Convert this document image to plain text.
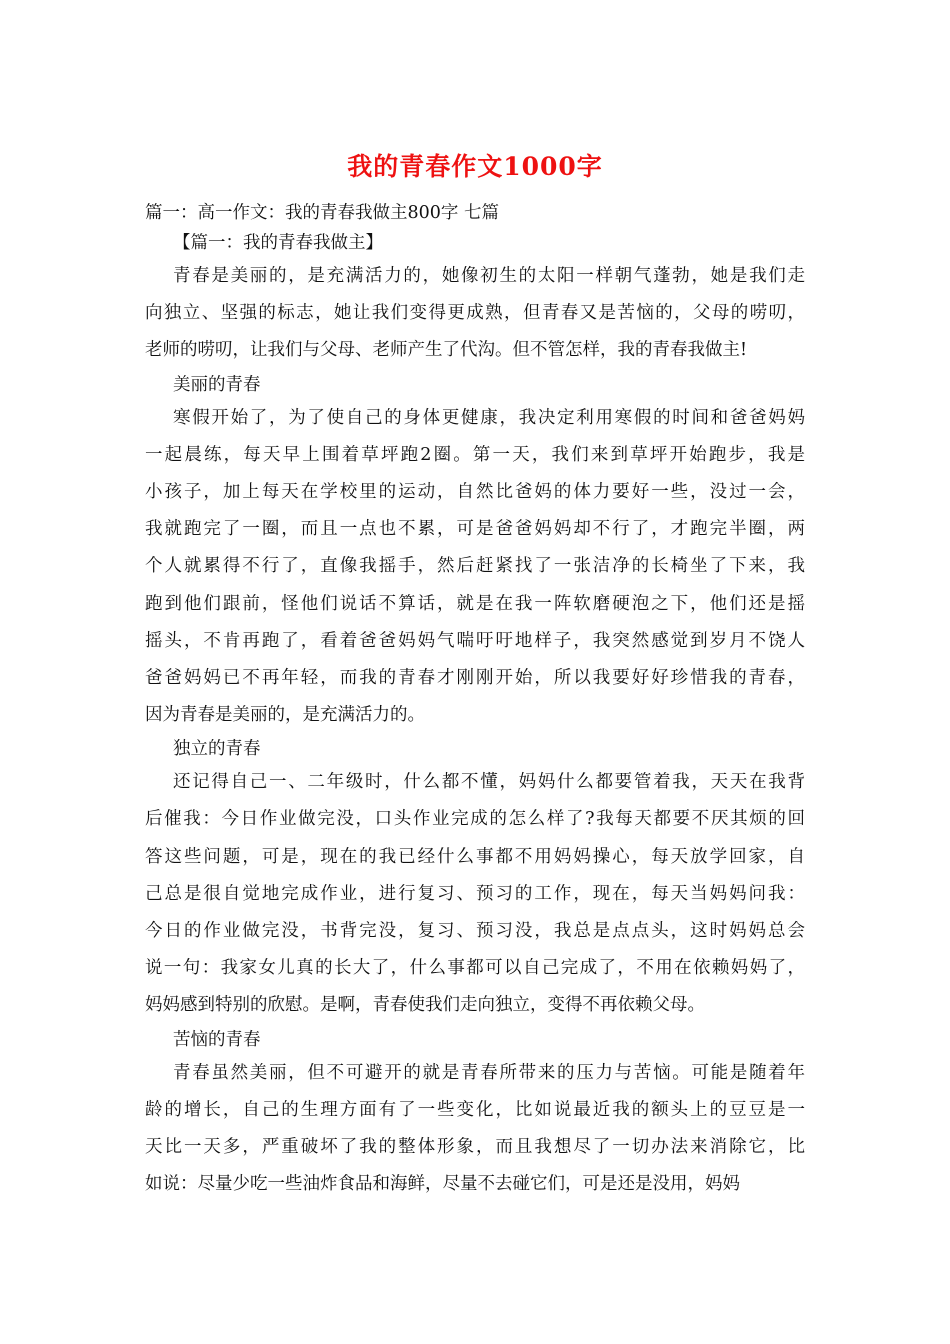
我的青春作文1000字
篇一：高一作文：我的青春我做主800字 七篇
【篇一：我的青春我做主】
青春是美丽的，是充满活力的，她像初生的太阳一样朝气蓬勃，她是我们走
向独立、坚强的标志，她让我们变得更成熟，但青春又是苦恼的，父母的唠叨，
老师的唠叨，让我们与父母、老师产生了代沟。但不管怎样，我的青春我做主!
美丽的青春
寒假开始了，为了使自己的身体更健康，我决定利用寒假的时间和爸爸妈妈
一起晨练，每天早上围着草坪跑2圈。第一天，我们来到草坪开始跑步，我是
小孩子，加上每天在学校里的运动，自然比爸妈的体力要好一些，没过一会，
我就跑完了一圈，而且一点也不累，可是爸爸妈妈却不行了，才跑完半圈，两
个人就累得不行了，直像我摇手，然后赶紧找了一张洁净的长椅坐了下来，我
跑到他们跟前，怪他们说话不算话，就是在我一阵软磨硬泡之下，他们还是摇
摇头，不肯再跑了，看着爸爸妈妈气喘吁吁地样子，我突然感觉到岁月不饶人
爸爸妈妈已不再年轻，而我的青春才刚刚开始，所以我要好好珍惜我的青春，
因为青春是美丽的，是充满活力的。
独立的青春
还记得自己一、二年级时，什么都不懂，妈妈什么都要管着我，天天在我背
后催我：今日作业做完没，口头作业完成的怎么样了?我每天都要不厌其烦的回
答这些问题，可是，现在的我已经什么事都不用妈妈操心，每天放学回家，自
己总是很自觉地完成作业，进行复习、预习的工作，现在，每天当妈妈问我：
今日的作业做完没，书背完没，复习、预习没，我总是点点头，这时妈妈总会
说一句：我家女儿真的长大了，什么事都可以自己完成了，不用在依赖妈妈了，
妈妈感到特别的欣慰。是啊，青春使我们走向独立，变得不再依赖父母。
苦恼的青春
青春虽然美丽，但不可避开的就是青春所带来的压力与苦恼。可能是随着年
龄的增长，自己的生理方面有了一些变化，比如说最近我的额头上的豆豆是一
天比一天多，严重破坏了我的整体形象，而且我想尽了一切办法来消除它，比
如说：尽量少吃一些油炸食品和海鲜，尽量不去碰它们，可是还是没用，妈妈
